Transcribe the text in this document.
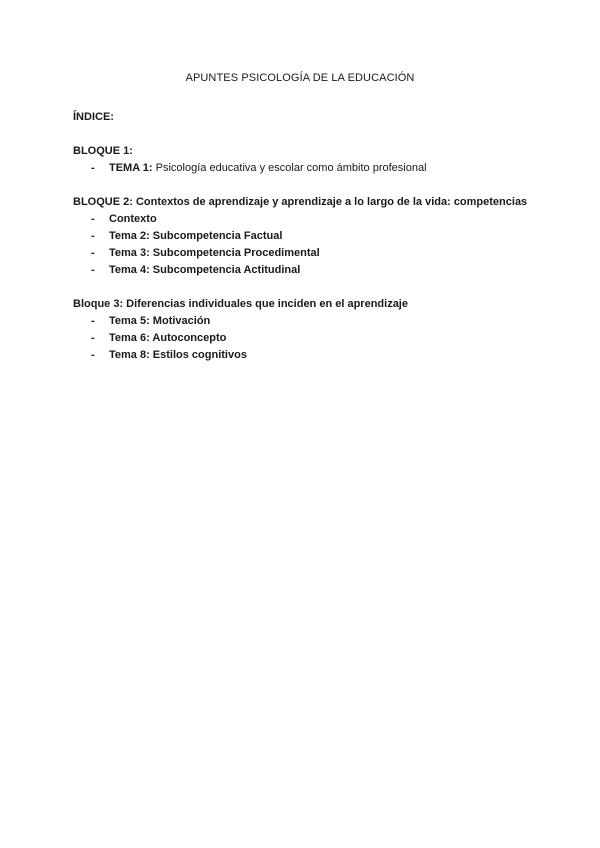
APUNTES PSICOLOGÍA DE LA EDUCACIÓN

ÍNDICE:

BLOQUE 1:
- TEMA 1: Psicología educativa y escolar como ámbito profesional
BLOQUE 2: Contextos de aprendizaje y aprendizaje a lo largo de la vida: competencias
- Contexto
- Tema 2: Subcompetencia Factual
- Tema 3: Subcompetencia Procedimental
- Tema 4: Subcompetencia Actitudinal
Bloque 3: Diferencias individuales que inciden en el aprendizaje
- Tema 5: Motivación
- Tema 6: Autoconcepto
- Tema 8: Estilos cognitivos
